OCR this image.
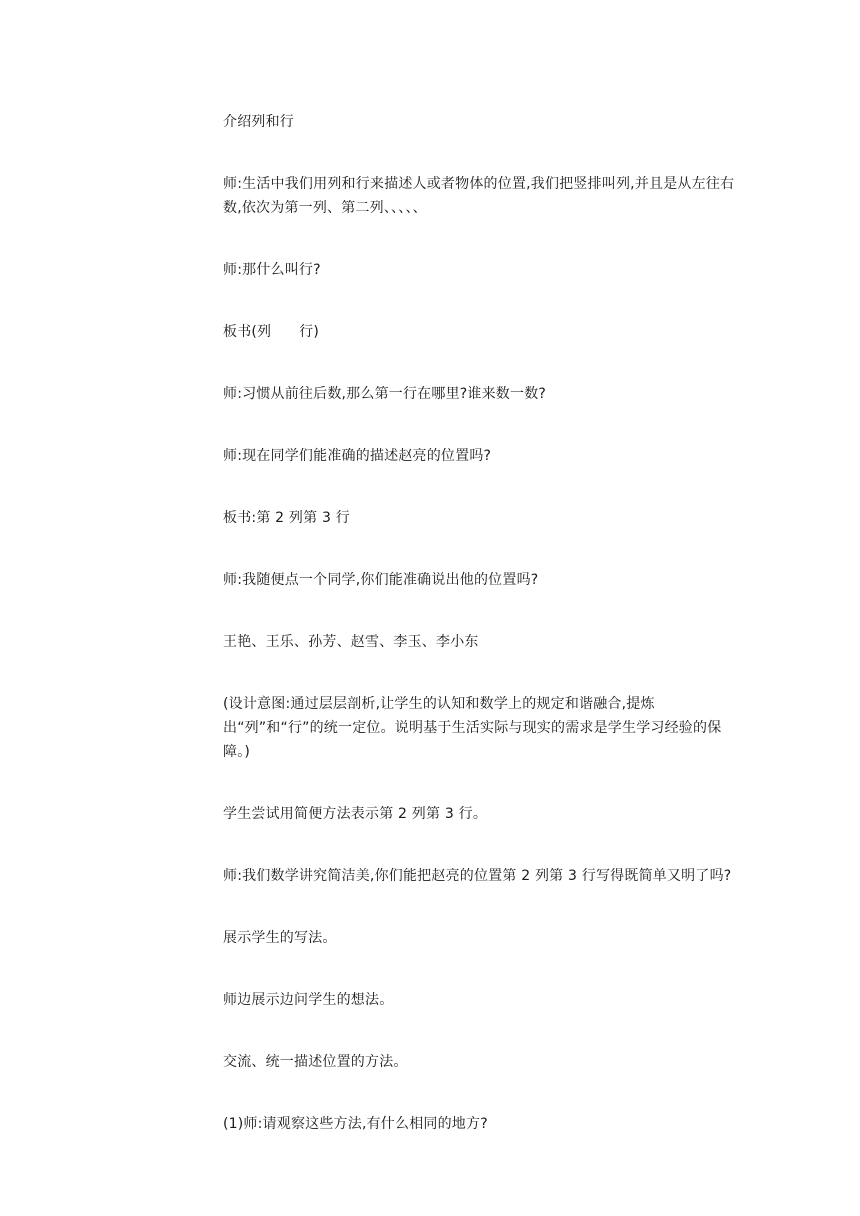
介绍列和行

师:生活中我们用列和行来描述人或者物体的位置,我们把竖排叫列,并且是从左往右数,依次为第一列、第二列、、、、、

师:那什么叫行?

板书(列      行)

师:习惯从前往后数,那么第一行在哪里?谁来数一数?

师:现在同学们能准确的描述赵亮的位置吗?

板书:第 2 列第 3 行

师:我随便点一个同学,你们能准确说出他的位置吗?

王艳、王乐、孙芳、赵雪、李玉、李小东

(设计意图:通过层层剖析,让学生的认知和数学上的规定和谐融合,提炼出“列”和“行”的统一定位。说明基于生活实际与现实的需求是学生学习经验的保障。)

学生尝试用简便方法表示第 2 列第 3 行。

师:我们数学讲究简洁美,你们能把赵亮的位置第 2 列第 3 行写得既简单又明了吗?

展示学生的写法。

师边展示边问学生的想法。

交流、统一描述位置的方法。

(1)师:请观察这些方法,有什么相同的地方?
